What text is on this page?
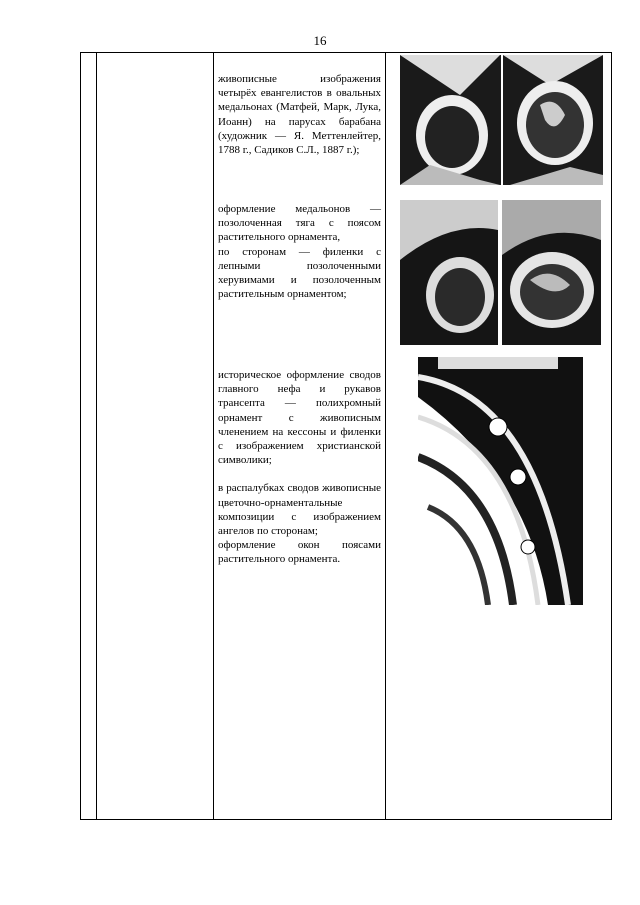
16

живописные изображения четырёх евангелистов в овальных медальонах (Матфей, Марк, Лука, Иоанн) на парусах барабана (художник — Я. Меттенлейтер, 1788 г., Садиков С.Л., 1887 г.);

оформление медальонов — позолоченная тяга с поясом растительного орнамента,

по сторонам — филенки с лепными позолоченными херувимами и позолоченным растительным орнаментом;

историческое оформление сводов главного нефа и рукавов трансепта — полихромный орнамент с живописным членением на кессоны и филенки с изображением христианской символики;

в распалубках сводов живописные цветочно-орнаментальные композиции с изображением ангелов по сторонам;

оформление окон поясами растительного орнамента.
